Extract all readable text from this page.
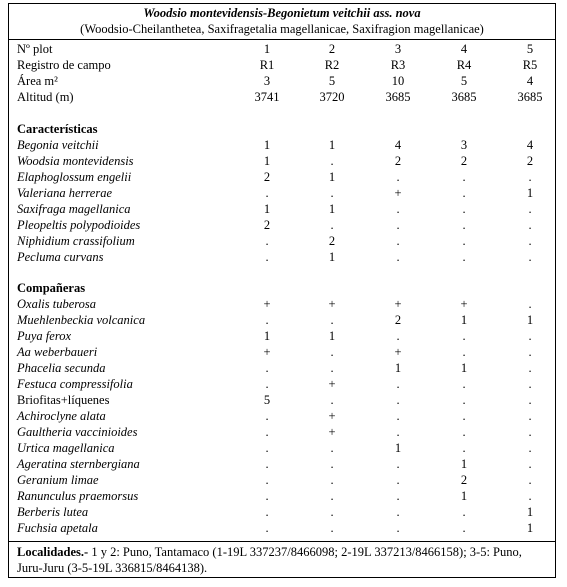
Woodsio montevidensis-Begonietum veitchii ass. nova
(Woodsio-Cheilanthetea, Saxifragetalia magellanicae, Saxifragion magellanicae)
Nº plot	1	2	3	4	5
Registro de campo	R1	R2	R3	R4	R5
Área m²	3	5	10	5	4
Altitud (m)	3741	3720	3685	3685	3685
Características
Begonia veitchii	1	1	4	3	4
Woodsia montevidensis	1	.	2	2	2
Elaphoglossum engelii	2	1	.	.	.
Valeriana herrerae	.	.	+	.	1
Saxifraga magellanica	1	1	.	.	.
Pleopeltis polypodioides	2	.	.	.	.
Niphidium crassifolium	.	2	.	.	.
Pecluma curvans	.	1	.	.	.
Compañeras
Oxalis tuberosa	+	+	+	+	.
Muehlenbeckia volcanica	.	.	2	1	1
Puya ferox	1	1	.	.	.
Aa weberbaueri	+	.	+	.	.
Phacelia secunda	.	.	1	1	.
Festuca compressifolia	.	+	.	.	.
Briofitas+líquenes	5	.	.	.	.
Achiroclyne alata	.	+	.	.	.
Gaultheria vaccinioides	.	+	.	.	.
Urtica magellanica	.	.	1	.	.
Ageratina sternbergiana	.	.	.	1	.
Geranium limae	.	.	.	2	.
Ranunculus praemorsus	.	.	.	1	.
Berberis lutea	.	.	.	.	1
Fuchsia apetala	.	.	.	.	1
Localidades.- 1 y 2: Puno, Tantamaco (1-19L 337237/8466098; 2-19L 337213/8466158); 3-5: Puno, Juru-Juru (3-5-19L 336815/8464138).
